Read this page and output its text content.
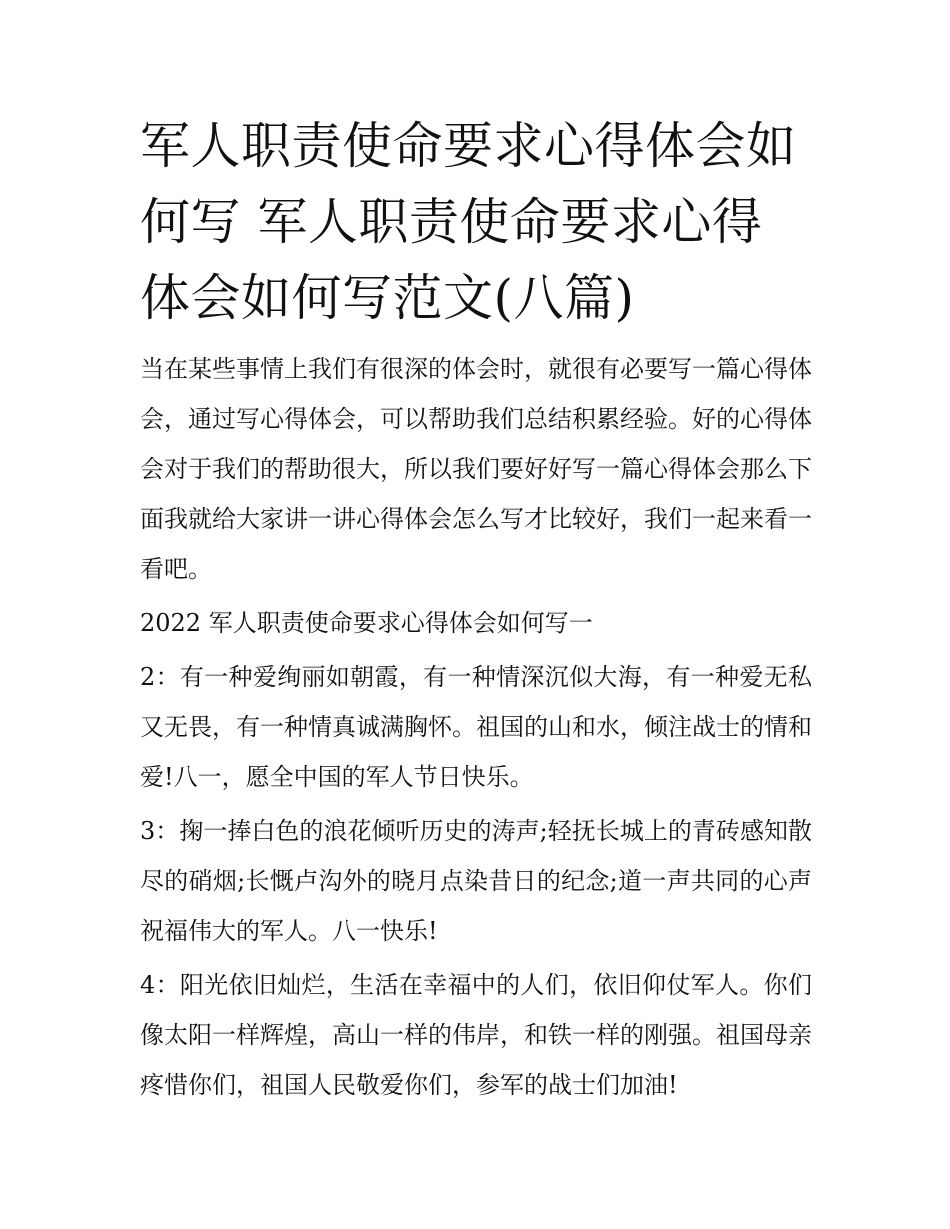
军人职责使命要求心得体会如何写 军人职责使命要求心得体会如何写范文(八篇)

当在某些事情上我们有很深的体会时，就很有必要写一篇心得体会，通过写心得体会，可以帮助我们总结积累经验。好的心得体会对于我们的帮助很大，所以我们要好好写一篇心得体会那么下面我就给大家讲一讲心得体会怎么写才比较好，我们一起来看一看吧。

2022 军人职责使命要求心得体会如何写一

2：有一种爱绚丽如朝霞，有一种情深沉似大海，有一种爱无私又无畏，有一种情真诚满胸怀。祖国的山和水，倾注战士的情和爱!八一，愿全中国的军人节日快乐。

3：掬一捧白色的浪花倾听历史的涛声;轻抚长城上的青砖感知散尽的硝烟;长慨卢沟外的晓月点染昔日的纪念;道一声共同的心声祝福伟大的军人。八一快乐!

4：阳光依旧灿烂，生活在幸福中的人们，依旧仰仗军人。你们像太阳一样辉煌，高山一样的伟岸，和铁一样的刚强。祖国母亲疼惜你们，祖国人民敬爱你们，参军的战士们加油!
